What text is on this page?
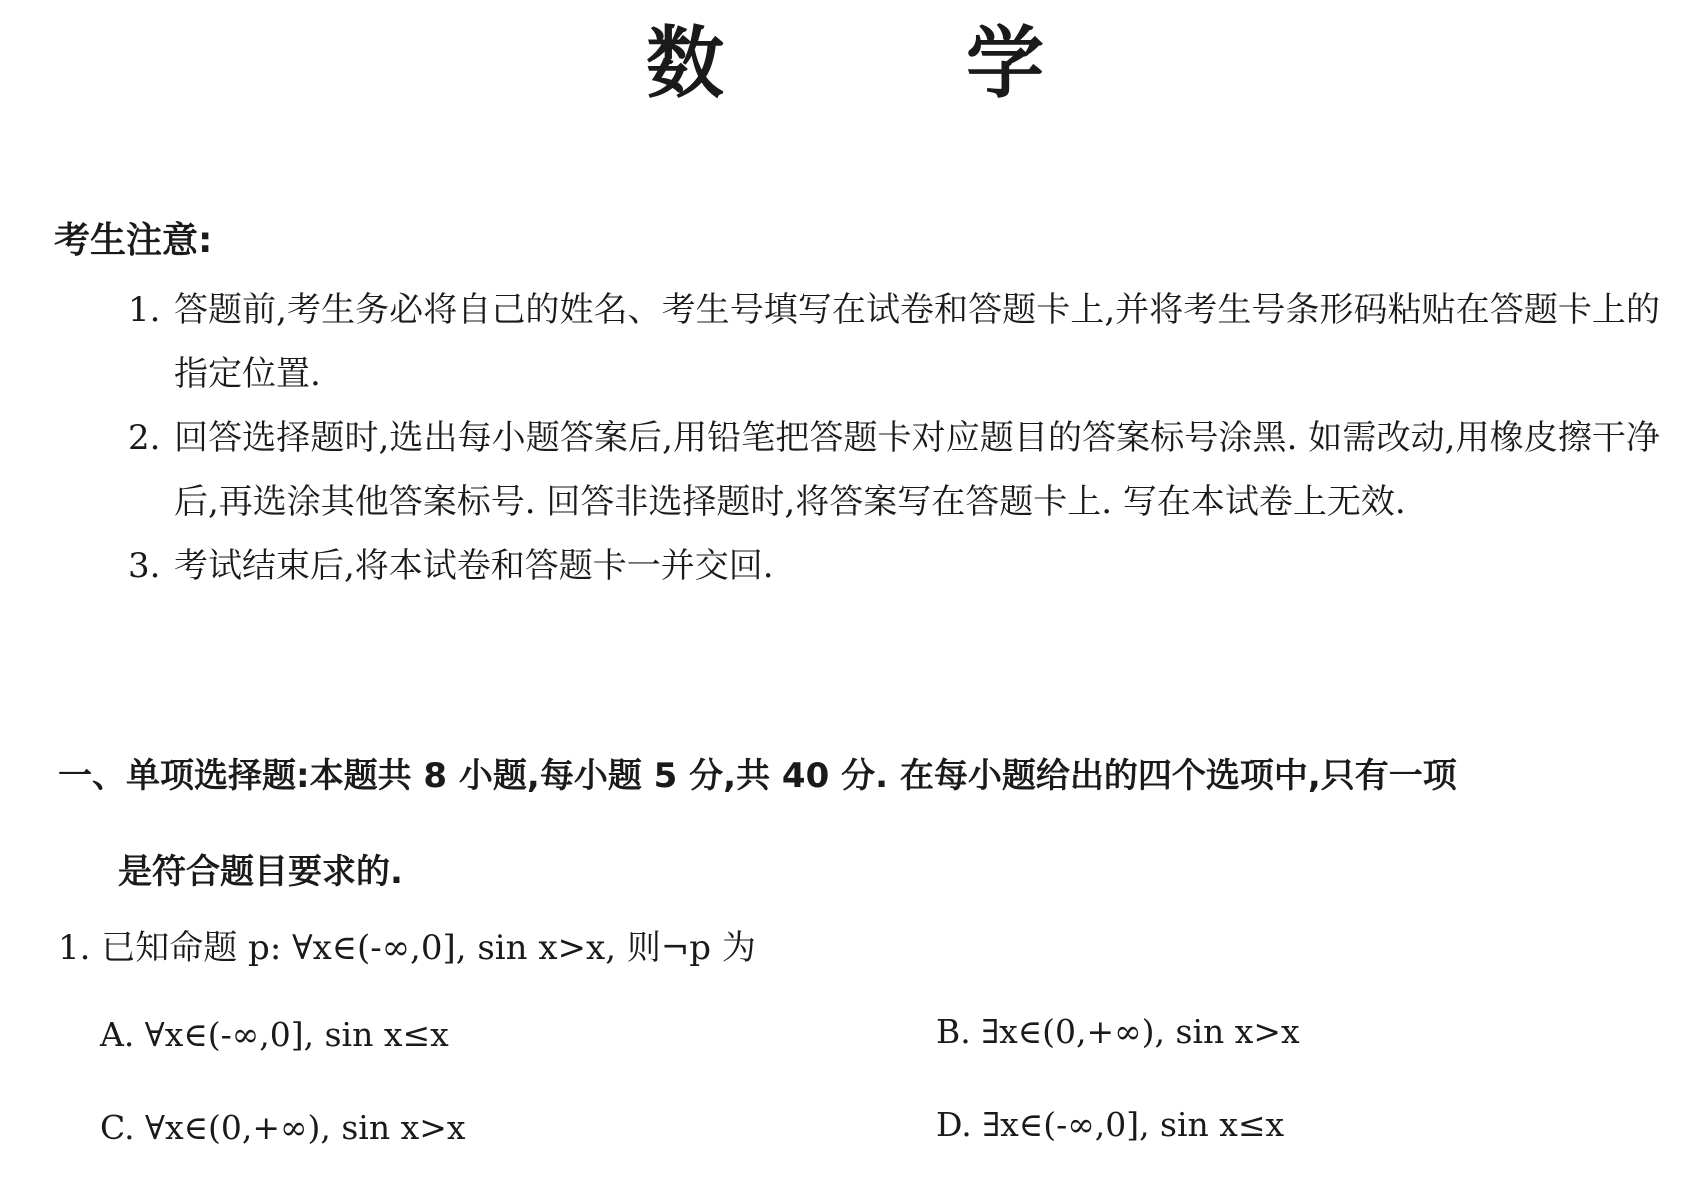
数　学
考生注意:
1. 答题前,考生务必将自己的姓名、考生号填写在试卷和答题卡上,并将考生号条形码粘贴在答题卡上的指定位置.
2. 回答选择题时,选出每小题答案后,用铅笔把答题卡对应题目的答案标号涂黑. 如需改动,用橡皮擦干净后,再选涂其他答案标号. 回答非选择题时,将答案写在答题卡上. 写在本试卷上无效.
3. 考试结束后,将本试卷和答题卡一并交回.
一、单项选择题:本题共 8 小题,每小题 5 分,共 40 分. 在每小题给出的四个选项中,只有一项
是符合题目要求的.
1. 已知命题 p: ∀x∈(-∞,0], sin x>x, 则¬p 为
A. ∀x∈(-∞,0], sin x≤x	B. ∃x∈(0,+∞), sin x>x
C. ∀x∈(0,+∞), sin x>x	D. ∃x∈(-∞,0], sin x≤x
